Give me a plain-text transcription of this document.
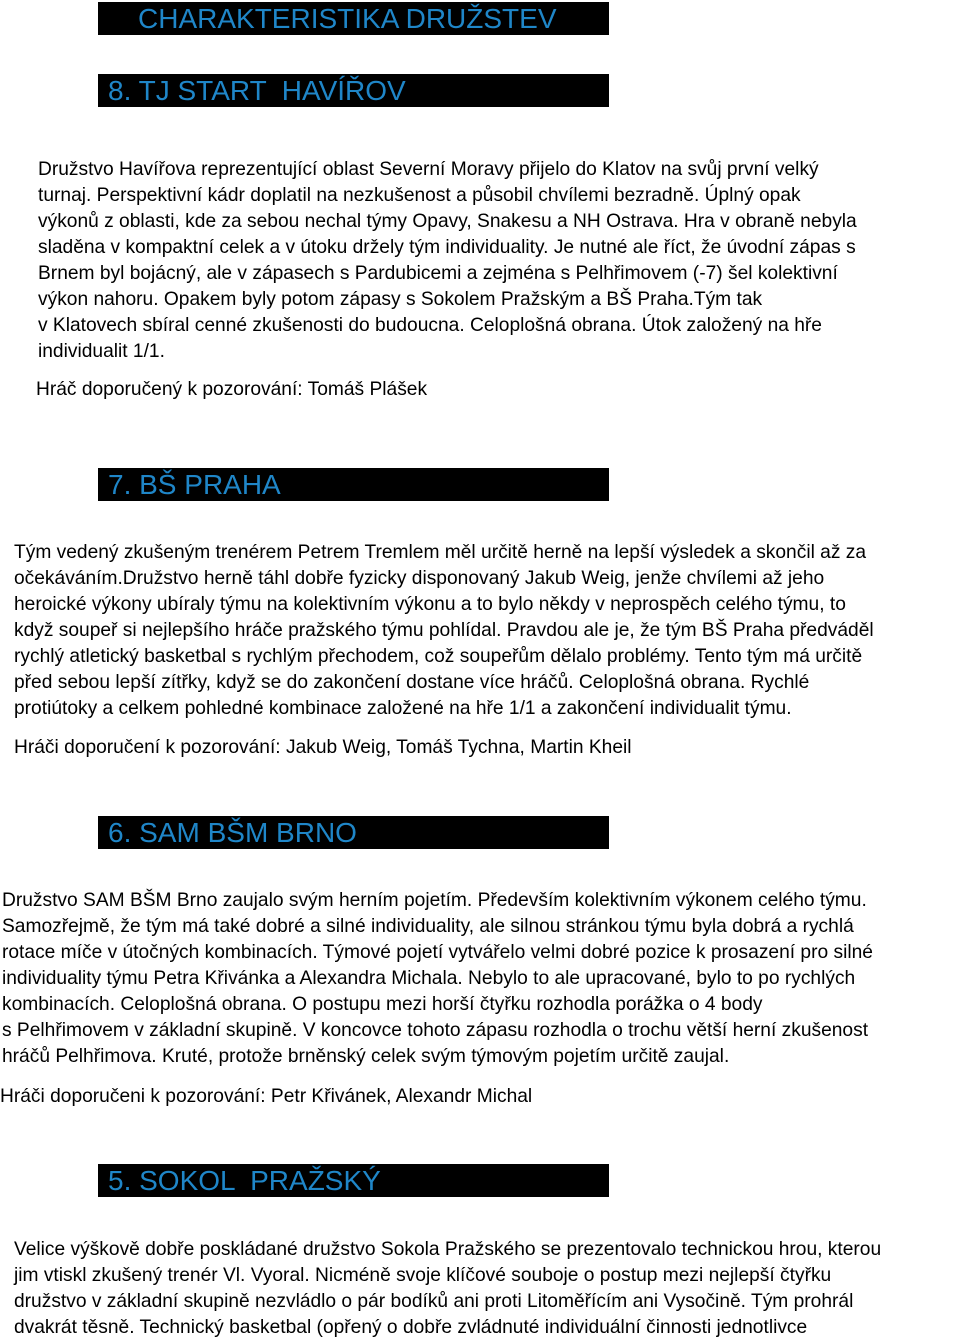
CHARAKTERISTIKA DRUŽSTEV
8. TJ START  HAVÍŘOV
Družstvo Havířova reprezentující oblast Severní Moravy přijelo do Klatov na svůj první velký
turnaj. Perspektivní kádr doplatil na nezkušenost a působil chvílemi bezradně. Úplný opak
výkonů z oblasti, kde za sebou nechal týmy Opavy, Snakesu a NH Ostrava. Hra v obraně nebyla
sladěna v kompaktní celek a v útoku držely tým individuality. Je nutné ale říct, že úvodní zápas s
Brnem byl bojácný, ale v zápasech s Pardubicemi a zejména s Pelhřimovem (-7) šel kolektivní
výkon nahoru. Opakem byly potom zápasy s Sokolem Pražským a BŠ Praha.Tým tak
v Klatovech sbíral cenné zkušenosti do budoucna. Celoplošná obrana. Útok založený na hře
individualit 1/1.
Hráč doporučený k pozorování: Tomáš Plášek
7. BŠ PRAHA
Tým vedený zkušeným trenérem Petrem Tremlem měl určitě herně na lepší výsledek a skončil až za
očekáváním.Družstvo herně táhl dobře fyzicky disponovaný Jakub Weig, jenže chvílemi až jeho
heroické výkony ubíraly týmu na kolektivním výkonu a to bylo někdy v neprospěch celého týmu, to
když soupeř si nejlepšího hráče pražského týmu pohlídal. Pravdou ale je, že tým BŠ Praha předváděl
rychlý atletický basketbal s rychlým přechodem, což soupeřům dělalo problémy. Tento tým má určitě
před sebou lepší zítřky, když se do zakončení dostane více hráčů. Celoplošná obrana. Rychlé
protiútoky a celkem pohledné kombinace založené na hře 1/1 a zakončení individualit týmu.
Hráči doporučení k pozorování: Jakub Weig, Tomáš Tychna, Martin Kheil
6. SAM BŠM BRNO
Družstvo SAM BŠM Brno zaujalo svým herním pojetím. Především kolektivním výkonem celého týmu.
Samozřejmě, že tým má také dobré a silné individuality, ale silnou stránkou týmu byla dobrá a rychlá
rotace míče v útočných kombinacích. Týmové pojetí vytvářelo velmi dobré pozice k prosazení pro silné
individuality týmu Petra Křivánka a Alexandra Michala. Nebylo to ale upracované, bylo to po rychlých
kombinacích. Celoplošná obrana. O postupu mezi horší čtyřku rozhodla porážka o 4 body
s Pelhřimovem v základní skupině. V koncovce tohoto zápasu rozhodla o trochu větší herní zkušenost
hráčů Pelhřimova. Kruté, protože brněnský celek svým týmovým pojetím určitě zaujal.
Hráči doporučeni k pozorování: Petr Křivánek, Alexandr Michal
5. SOKOL  PRAŽSKÝ
Velice výškově dobře poskládané družstvo Sokola Pražského se prezentovalo technickou hrou, kterou
jim vtiskl zkušený trenér Vl. Vyoral. Nicméně svoje klíčové souboje o postup mezi nejlepší čtyřku
družstvo v základní skupině nezvládlo o pár bodíků ani proti Litoměřícím ani Vysočině. Tým prohrál
dvakrát těsně. Technický basketbal (opřený o dobře zvládnuté individuální činnosti jednotlivce
